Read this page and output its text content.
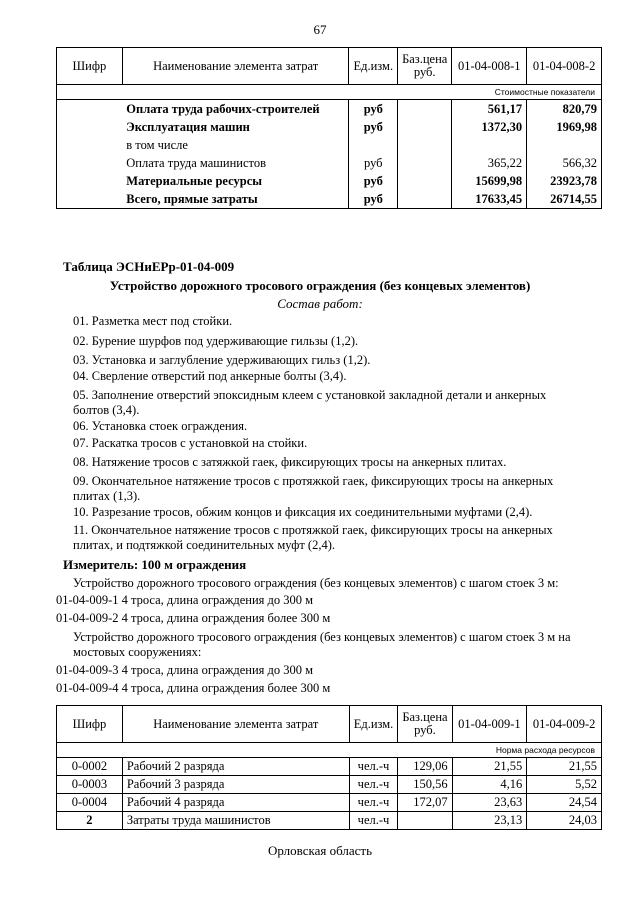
67
Шифр	Наименование элемента затрат	Ед.изм.	Баз.цена руб.	01-04-008-1	01-04-008-2
Стоимостные показатели					
	Оплата труда рабочих-строителей	руб		561,17	820,79
	Эксплуатация машин	руб		1372,30	1969,98
	в том числе				
	Оплата труда машинистов	руб		365,22	566,32
	Материальные ресурсы	руб		15699,98	23923,78
	Всего, прямые затраты	руб		17633,45	26714,55
Таблица ЭСНиЕРр-01-04-009
Устройство дорожного тросового ограждения (без концевых элементов)
Состав работ:
01. Разметка мест под стойки.
02. Бурение шурфов под удерживающие гильзы (1,2).
03. Установка и заглубление удерживающих гильз (1,2).
04. Сверление отверстий под анкерные болты (3,4).
05. Заполнение отверстий эпоксидным клеем с установкой закладной детали и анкерных болтов (3,4).
06. Установка стоек ограждения.
07. Раскатка тросов с установкой на стойки.
08. Натяжение тросов с затяжкой гаек, фиксирующих тросы на анкерных плитах.
09. Окончательное натяжение тросов с протяжкой гаек, фиксирующих тросы на анкерных плитах (1,3).
10. Разрезание тросов, обжим концов и фиксация их соединительными муфтами (2,4).
11. Окончательное натяжение тросов с протяжкой гаек, фиксирующих тросы на анкерных плитах, и подтяжкой соединительных муфт (2,4).
Измеритель: 100 м ограждения
Устройство дорожного тросового ограждения (без концевых элементов) с шагом стоек 3 м:
01-04-009-1 4 троса, длина ограждения до 300 м
01-04-009-2 4 троса, длина ограждения более 300 м
Устройство дорожного тросового ограждения (без концевых элементов) с шагом стоек 3 м на мостовых сооружениях:
01-04-009-3 4 троса, длина ограждения до 300 м
01-04-009-4 4 троса, длина ограждения более 300 м
Шифр	Наименование элемента затрат	Ед.изм.	Баз.цена руб.	01-04-009-1	01-04-009-2
Норма расхода ресурсов					
0-0002	Рабочий 2 разряда	чел.-ч	129,06	21,55	21,55
0-0003	Рабочий 3 разряда	чел.-ч	150,56	4,16	5,52
0-0004	Рабочий 4 разряда	чел.-ч	172,07	23,63	24,54
2	Затраты труда машинистов	чел.-ч		23,13	24,03
Орловская область
